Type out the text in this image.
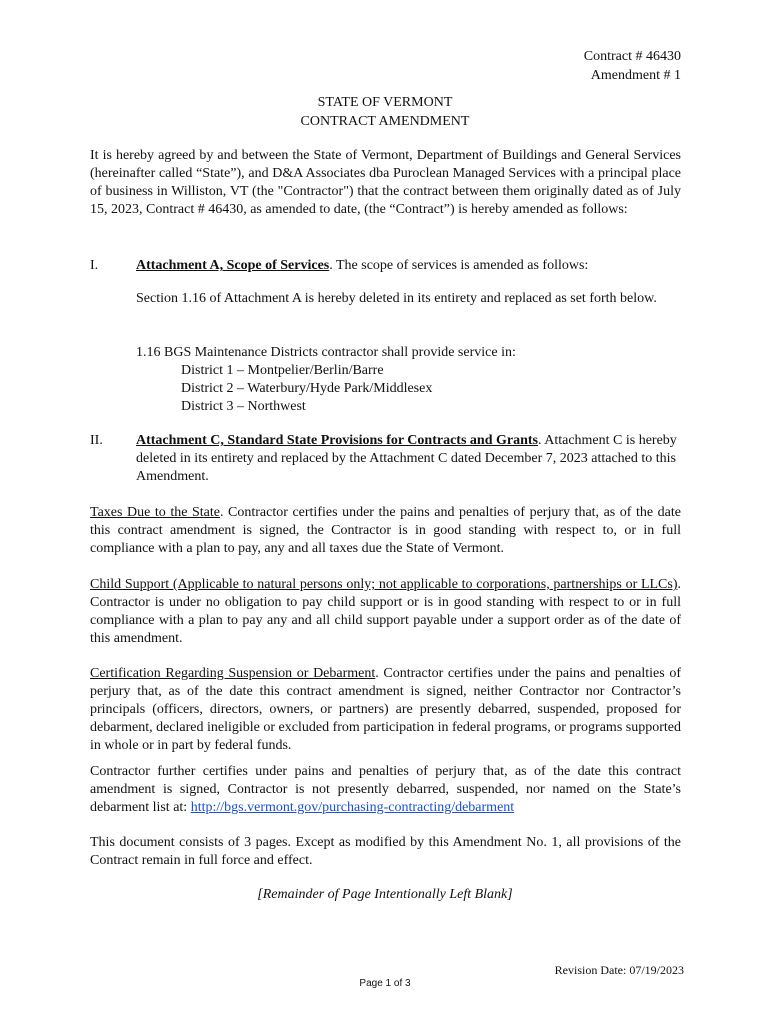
Contract # 46430
Amendment # 1
STATE OF VERMONT
CONTRACT AMENDMENT
It is hereby agreed by and between the State of Vermont, Department of Buildings and General Services (hereinafter called “State”), and D&A Associates dba Puroclean Managed Services with a principal place of business in Williston, VT (the "Contractor") that the contract between them originally dated as of July 15, 2023, Contract # 46430, as amended to date, (the “Contract”) is hereby amended as follows:
I.	Attachment A, Scope of Services. The scope of services is amended as follows:
Section 1.16 of Attachment A is hereby deleted in its entirety and replaced as set forth below.
1.16 BGS Maintenance Districts contractor shall provide service in:
District 1 – Montpelier/Berlin/Barre
District 2 – Waterbury/Hyde Park/Middlesex
District 3 – Northwest
II.	Attachment C, Standard State Provisions for Contracts and Grants. Attachment C is hereby deleted in its entirety and replaced by the Attachment C dated December 7, 2023 attached to this Amendment.
Taxes Due to the State. Contractor certifies under the pains and penalties of perjury that, as of the date this contract amendment is signed, the Contractor is in good standing with respect to, or in full compliance with a plan to pay, any and all taxes due the State of Vermont.
Child Support (Applicable to natural persons only; not applicable to corporations, partnerships or LLCs). Contractor is under no obligation to pay child support or is in good standing with respect to or in full compliance with a plan to pay any and all child support payable under a support order as of the date of this amendment.
Certification Regarding Suspension or Debarment. Contractor certifies under the pains and penalties of perjury that, as of the date this contract amendment is signed, neither Contractor nor Contractor’s principals (officers, directors, owners, or partners) are presently debarred, suspended, proposed for debarment, declared ineligible or excluded from participation in federal programs, or programs supported in whole or in part by federal funds.
Contractor further certifies under pains and penalties of perjury that, as of the date this contract amendment is signed, Contractor is not presently debarred, suspended, nor named on the State’s debarment list at: http://bgs.vermont.gov/purchasing-contracting/debarment
This document consists of 3 pages. Except as modified by this Amendment No. 1, all provisions of the Contract remain in full force and effect.
[Remainder of Page Intentionally Left Blank]
Revision Date: 07/19/2023
Page 1 of 3
